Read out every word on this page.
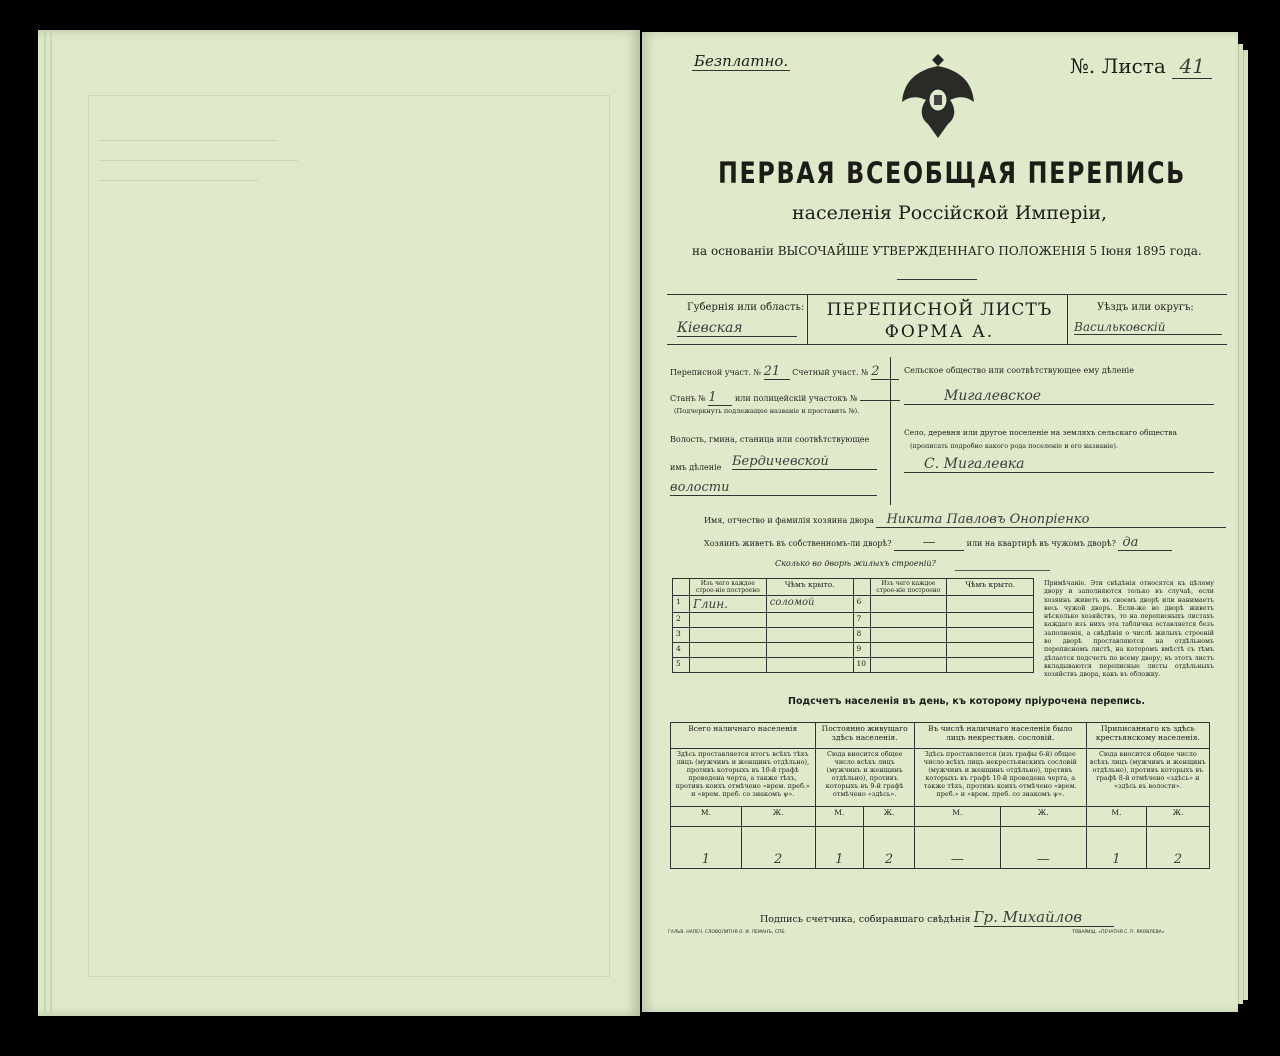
Безплатно.	№. Листа 41
ПЕРВАЯ ВСЕОБЩАЯ ПЕРЕПИСЬ
населенія Россійской Имперіи,
на основаніи ВЫСОЧАЙШЕ УТВЕРЖДЕННАГО ПОЛОЖЕНІЯ 5 Іюня 1895 года.
Губернія или область:
Кіевская
ПЕРЕПИСНОЙ ЛИСТЪ
ФОРМА А.
Уѣздъ или округъ:
Васильковскій
Переписной участ. № 21 Счетный участ. № 2
Станъ № 1 или полицейскій участокъ №
(Подчеркнуть подлежащее названіе и проставить №).
Волость, гмина, станица или соотвѣтствующее
имъ дѣленіе Бердичевской
волости
Сельское общество или соотвѣтствующее ему дѣленіе
Мигалевское
Село, деревня или другое поселеніе на земляхъ сельскаго общества
(прописать подробно какого рода поселеніе и его названіе).
С. Мигалевка
Имя, отчество и фамилія хозяина двора Никита Павловъ Онопріенко
Хозяинъ живетъ въ собственномъ-ли дворѣ? —	или на квартирѣ въ чужомъ дворѣ? да
Сколько во дворѣ жилыхъ строеній?
	Изъ чего каждое строе-ніе построено	Чѣмъ крыто.		Изъ чего каждое строе-ніе построено	Чѣмъ крыто.
1	Глин.	соломой	6		
2			7		
3			8		
4			9		
5			10		
Примѣчаніе. Эти свѣдѣнія относятся къ цѣлому двору и заполняются только въ случаѣ, если хозяинъ живетъ въ своемъ дворѣ или нанимаетъ весь чужой дворъ. Если-же во дворѣ живетъ нѣсколько хозяйствъ, то на переписныхъ листахъ каждаго изъ нихъ эта табличка оставляется безъ заполненія, а свѣдѣнія о числѣ жилыхъ строеній во дворѣ проставляются на отдѣльномъ переписномъ листѣ, на которомъ вмѣстѣ съ тѣмъ дѣлается подсчетъ по всему двору; въ этотъ листъ вкладываются переписные листы отдѣльныхъ хозяйствъ двора, какъ въ обложку.
Подсчетъ населенія въ день, къ которому пріурочена перепись.
Всего наличнаго населенія		Постоянно живущаго здѣсь населенія.		Въ числѣ наличнаго населенія было лицъ некрестьян. сословій.		Приписаннаго къ здѣсь крестьянскому населенія.	
Здѣсь проставляется итогъ всѣхъ тѣхъ лицъ (мужчинъ и женщинъ отдѣльно), противъ которыхъ въ 10-й графѣ проведена черта, а также тѣхъ, противъ коихъ отмѣчено «врем. преб.» и «врем. преб. со знакомъ ψ».		Сюда вносится общее число всѣхъ лицъ (мужчинъ и женщинъ отдѣльно), противъ которыхъ въ 9-й графѣ отмѣчено «здѣсь».		Здѣсь проставляется (изъ графы 6-й) общее число всѣхъ лицъ некрестьянскихъ сословій (мужчинъ и женщинъ отдѣльно), противъ которыхъ въ графѣ 10-й проведена черта, а также тѣхъ, противъ коихъ отмѣчено «врем. преб.» и «врем. преб. со знакомъ ψ».		Сюда вносится общее число всѣхъ лицъ (мужчинъ и женщинъ отдѣльно), противъ которыхъ въ графѣ 8-й отмѣчено «здѣсь» и «здѣсь въ волости».	
М.	Ж.	М.	Ж.	М.	Ж.	М.	Ж.
1	2	1	2	—	—	1	2
Подпись счетчика, собиравшаго свѣдѣнія Гр. Михайлов
ГАЛЬВ. НАПЕЧ. СЛОВОЛИТНЯ О. И. ЛЕМАНЪ, СПБ.	ТОВАРИЩ. «ПЕЧАТНЯ С. П. ЯКОВЛЕВА»
